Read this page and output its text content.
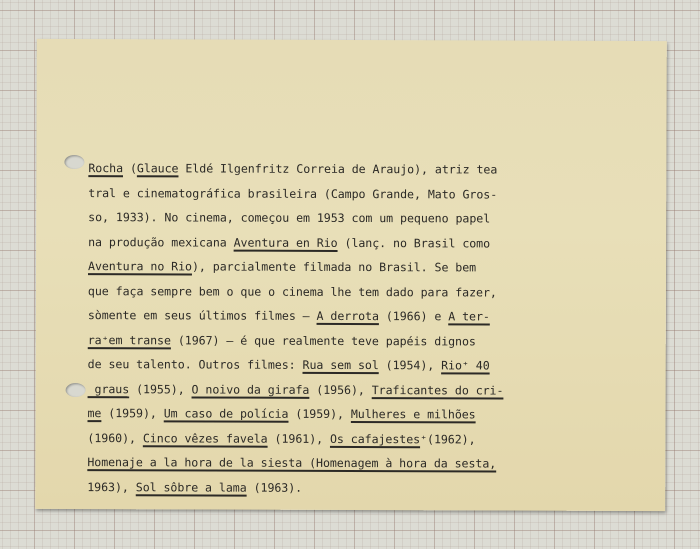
Rocha (Glauce Eldé Ilgenfritz Correia de Araujo), atriz tea
tral e cinematográfica brasileira (Campo Grande, Mato Gros-
so, 1933). No cinema, começou em 1953 com um pequeno papel
na produção mexicana Aventura en Rio (lanç. no Brasil como
Aventura no Rio), parcialmente filmada no Brasil. Se bem
que faça sempre bem o que o cinema lhe tem dado para fazer,
sòmente em seus últimos filmes — A derrota (1966) e A ter-
ra⁺em transe (1967) — é que realmente teve papéis dignos
de seu talento. Outros filmes: Rua sem sol (1954), Rio⁺ 40
graus (1955), O noivo da girafa (1956), Traficantes do cri-
me (1959), Um caso de polícia (1959), Mulheres e milhões
(1960), Cinco vêzes favela (1961), Os cafajestes⁺(1962),
Homenaje a la hora de la siesta (Homenagem à hora da sesta,
1963), Sol sôbre a lama (1963).
